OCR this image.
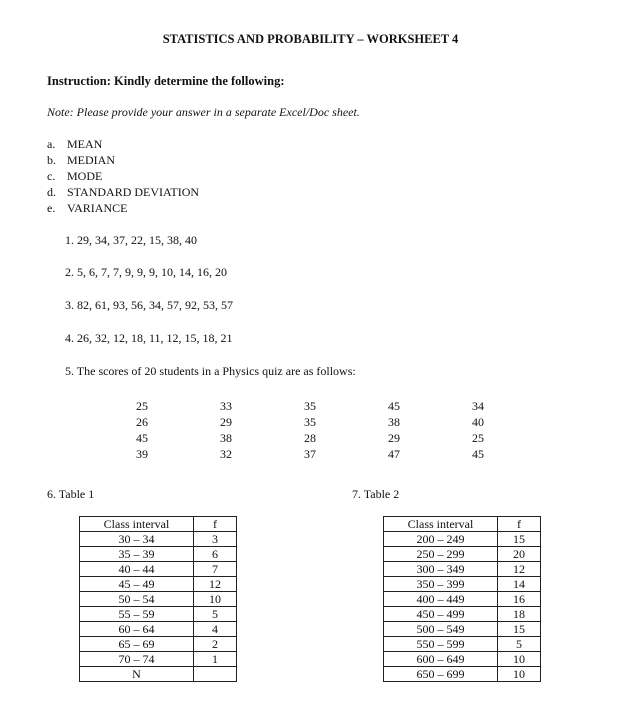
STATISTICS AND PROBABILITY – WORKSHEET 4
Instruction: Kindly determine the following:
Note: Please provide your answer in a separate Excel/Doc sheet.
a. MEAN
b. MEDIAN
c. MODE
d. STANDARD DEVIATION
e. VARIANCE
1. 29, 34, 37, 22, 15, 38, 40
2. 5, 6, 7, 7, 9, 9, 9, 10, 14, 16, 20
3. 82, 61, 93, 56, 34, 57, 92, 53, 57
4. 26, 32, 12, 18, 11, 12, 15, 18, 21
5. The scores of 20 students in a Physics quiz are as follows:
25	33	35	45	34
26	29	35	38	40
45	38	28	29	25
39	32	37	47	45
6. Table 1	7. Table 2
Class interval	f
30 – 34	3
35 – 39	6
40 – 44	7
45 – 49	12
50 – 54	10
55 – 59	5
60 – 64	4
65 – 69	2
70 – 74	1
N	
Class interval	f
200 – 249	15
250 – 299	20
300 – 349	12
350 – 399	14
400 – 449	16
450 – 499	18
500 – 549	15
550 – 599	5
600 – 649	10
650 – 699	10
